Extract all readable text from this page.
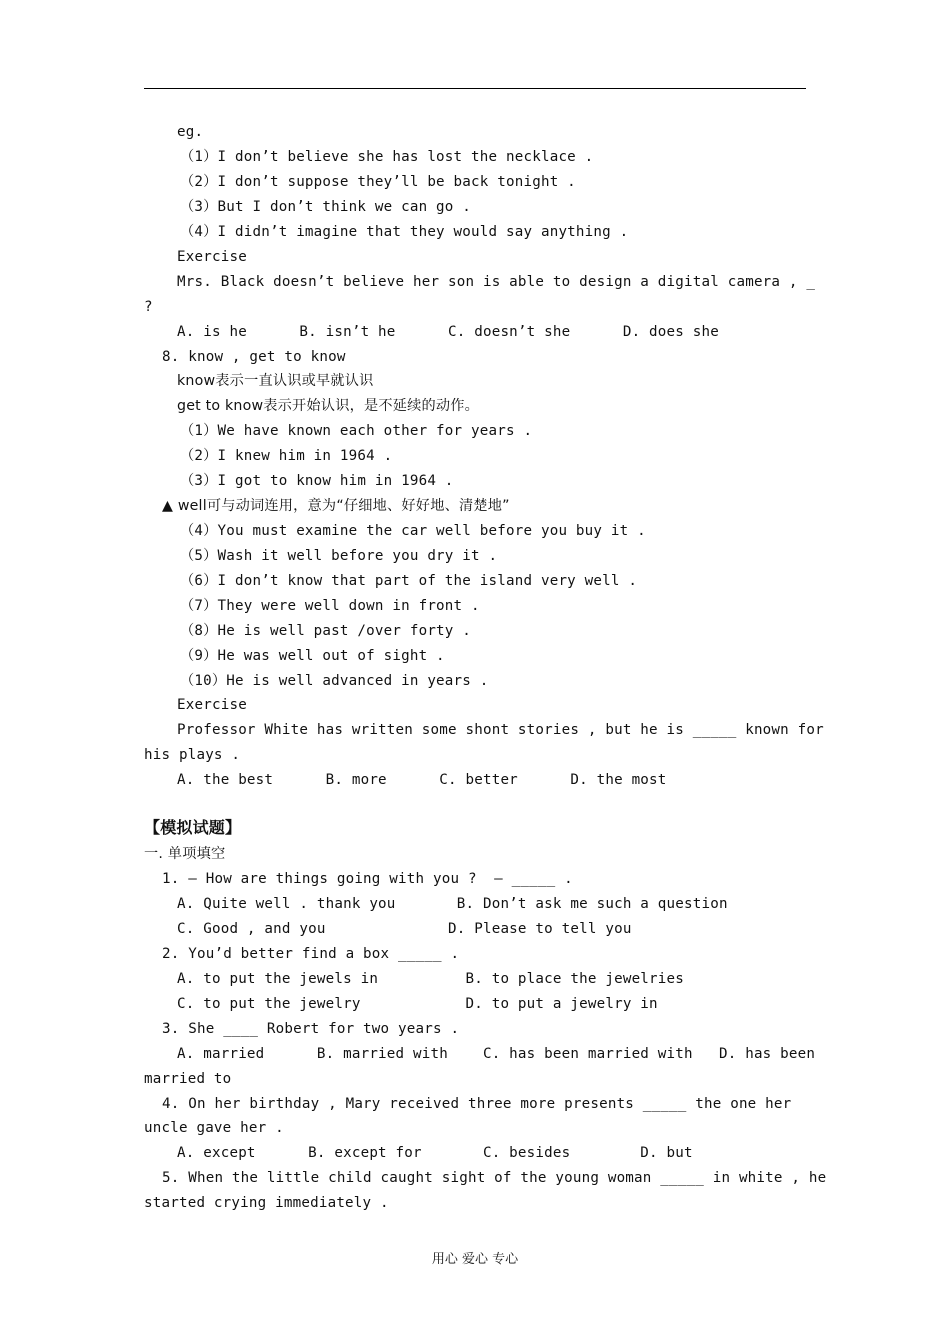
eg.
（1）I don’t believe she has lost the necklace .
（2）I don’t suppose they’ll be back tonight .
（3）But I don’t think we can go .
（4）I didn’t imagine that they would say anything .
Exercise
Mrs. Black doesn’t believe her son is able to design a digital camera , _
?
A. is he      B. isn’t he      C. doesn’t she      D. does she
8. know , get to know
know表示一直认识或早就认识
get to know表示开始认识，是不延续的动作。
（1）We have known each other for years .
（2）I knew him in 1964 .
（3）I got to know him in 1964 .
▲ well可与动词连用，意为“仔细地、好好地、清楚地”
（4）You must examine the car well before you buy it .
（5）Wash it well before you dry it .
（6）I don’t know that part of the island very well .
（7）They were well down in front .
（8）He is well past /over forty .
（9）He was well out of sight .
（10）He is well advanced in years .
Exercise
Professor White has written some shont stories , but he is _____ known for
his plays .
A. the best      B. more      C. better      D. the most
【模拟试题】
一. 单项填空
1. — How are things going with you ?  — _____ .
A. Quite well . thank you       B. Don’t ask me such a question
C. Good , and you              D. Please to tell you
2. You’d better find a box _____ .
A. to put the jewels in          B. to place the jewelries
C. to put the jewelry            D. to put a jewelry in
3. She ____ Robert for two years .
A. married      B. married with    C. has been married with   D. has been
married to
4. On her birthday , Mary received three more presents _____ the one her
uncle gave her .
A. except      B. except for       C. besides        D. but
5. When the little child caught sight of the young woman _____ in white , he
started crying immediately .
用心 爱心 专心
